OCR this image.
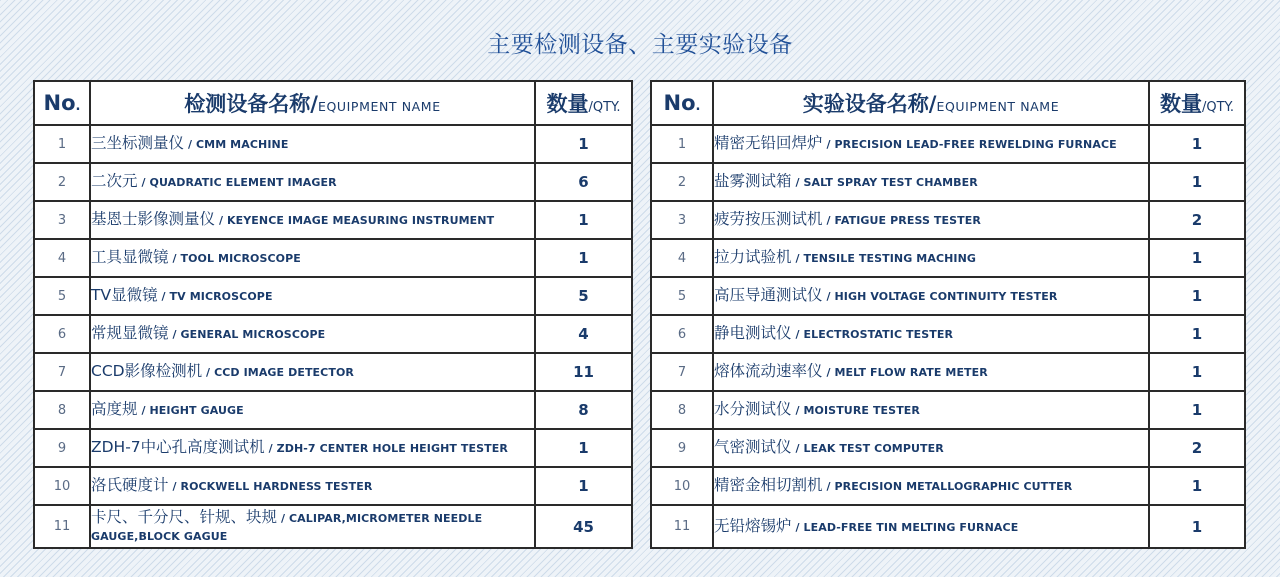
主要检测设备、主要实验设备
No.	检测设备名称/EQUIPMENT NAME	数量/QTY.
1	三坐标测量仪 / CMM MACHINE	1
2	二次元 / QUADRATIC ELEMENT IMAGER	6
3	基恩士影像测量仪 / KEYENCE IMAGE MEASURING INSTRUMENT	1
4	工具显微镜 / TOOL MICROSCOPE	1
5	TV显微镜 / TV MICROSCOPE	5
6	常规显微镜 / GENERAL MICROSCOPE	4
7	CCD影像检测机 / CCD IMAGE DETECTOR	11
8	高度规 / HEIGHT GAUGE	8
9	ZDH-7中心孔高度测试机 / ZDH-7 CENTER HOLE HEIGHT TESTER	1
10	洛氏硬度计 / ROCKWELL HARDNESS TESTER	1
11	卡尺、千分尺、针规、块规 / CALIPAR,MICROMETER NEEDLE GAUGE,BLOCK GAGUE	45
No.	实验设备名称/EQUIPMENT NAME	数量/QTY.
1	精密无铅回焊炉 / PRECISION LEAD-FREE REWELDING FURNACE	1
2	盐雾测试箱 / SALT SPRAY TEST CHAMBER	1
3	疲劳按压测试机 / FATIGUE PRESS TESTER	2
4	拉力试验机 / TENSILE TESTING MACHING	1
5	高压导通测试仪 / HIGH VOLTAGE CONTINUITY TESTER	1
6	静电测试仪 / ELECTROSTATIC TESTER	1
7	熔体流动速率仪 / MELT FLOW RATE METER	1
8	水分测试仪 / MOISTURE TESTER	1
9	气密测试仪 / LEAK TEST COMPUTER	2
10	精密金相切割机 / PRECISION METALLOGRAPHIC CUTTER	1
11	无铅熔锡炉 / LEAD-FREE TIN MELTING FURNACE	1
